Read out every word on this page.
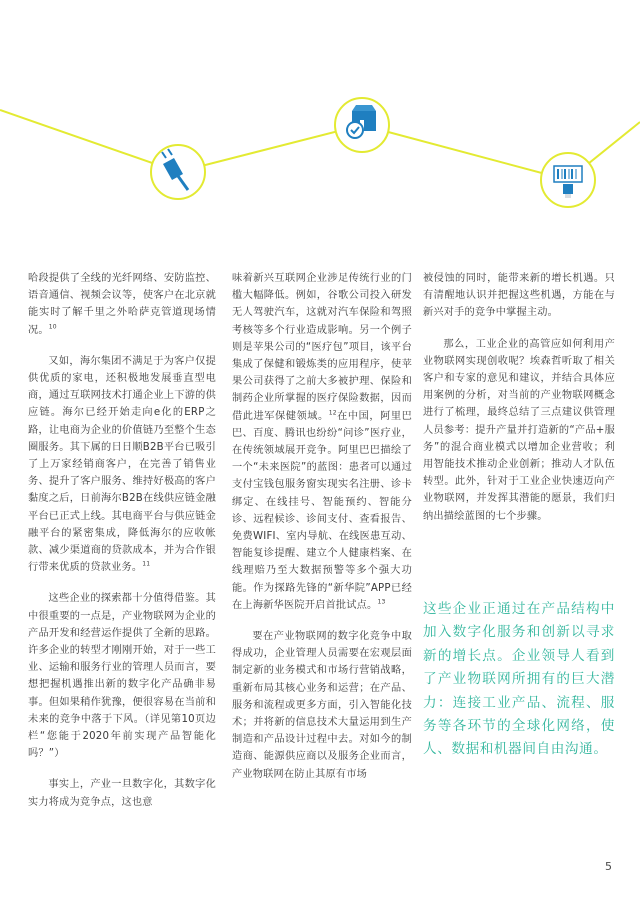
哈段提供了全线的光纤网络、安防监控、语音通信、视频会议等，使客户在北京就能实时了解千里之外哈萨克管道现场情况。$^{10}$

又如，海尔集团不满足于为客户仅提供优质的家电，还积极地发展垂直型电商，通过互联网技术打通企业上下游的供应链。海尔已经开始走向e化的ERP之路，让电商为企业的价值链乃至整个生态圈服务。其下属的日日顺B2B平台已吸引了上万家经销商客户，在完善了销售业务、提升了客户服务、维持好极高的客户黏度之后，日前海尔B2B在线供应链金融平台已正式上线。其电商平台与供应链金融平台的紧密集成，降低海尔的应收帐款、减少渠道商的贷款成本，并为合作银行带来优质的贷款业务。$^{11}$

这些企业的探索都十分值得借鉴。其中很重要的一点是，产业物联网为企业的产品开发和经营运作提供了全新的思路。许多企业的转型才刚刚开始，对于一些工业、运输和服务行业的管理人员而言，要想把握机遇推出新的数字化产品确非易事。但如果稍作犹豫，便很容易在当前和未来的竞争中落于下风。（详见第10页边栏“您能于2020年前实现产品智能化吗？”）

事实上，产业一旦数字化，其数字化实力将成为竞争点，这也意

味着新兴互联网企业涉足传统行业的门槛大幅降低。例如，谷歌公司投入研发无人驾驶汽车，这就对汽车保险和驾照考核等多个行业造成影响。另一个例子则是苹果公司的“医疗包”项目，该平台集成了保健和锻炼类的应用程序，使苹果公司获得了之前大多被护理、保险和制药企业所掌握的医疗保险数据，因而借此进军保健领域。$^{12}$在中国，阿里巴巴、百度、腾讯也纷纷“问诊”医疗业，在传统领域展开竞争。阿里巴巴描绘了一个“未来医院”的蓝图：患者可以通过支付宝钱包服务窗实现实名注册、诊卡绑定、在线挂号、智能预约、智能分诊、远程候诊、诊间支付、查看报告、免费WIFI、室内导航、在线医患互动、智能复诊提醒、建立个人健康档案、在线理赔乃至大数据预警等多个强大功能。作为探路先锋的“新华院”APP已经在上海新华医院开启首批试点。$^{13}$

要在产业物联网的数字化竞争中取得成功，企业管理人员需要在宏观层面制定新的业务模式和市场行营销战略，重新布局其核心业务和运营；在产品、服务和流程或更多方面，引入智能化技术；并将新的信息技术大量运用到生产制造和产品设计过程中去。对如今的制造商、能源供应商以及服务企业而言，产业物联网在防止其原有市场

被侵蚀的同时，能带来新的增长机遇。只有清醒地认识并把握这些机遇，方能在与新兴对手的竞争中掌握主动。

那么，工业企业的高管应如何利用产业物联网实现创收呢？埃森哲听取了相关客户和专家的意见和建议，并结合具体应用案例的分析，对当前的产业物联网概念进行了梳理，最终总结了三点建议供管理人员参考：提升产量并打造新的“产品+服务”的混合商业模式以增加企业营收；利用智能技术推动企业创新；推动人才队伍转型。此外，针对于工业企业快速迈向产业物联网，并发挥其潜能的愿景，我们归纳出描绘蓝图的七个步骤。

这些企业正通过在产品结构中加入数字化服务和创新以寻求新的增长点。企业领导人看到了产业物联网所拥有的巨大潜力：连接工业产品、流程、服务等各环节的全球化网络，使人、数据和机器间自由沟通。
5
